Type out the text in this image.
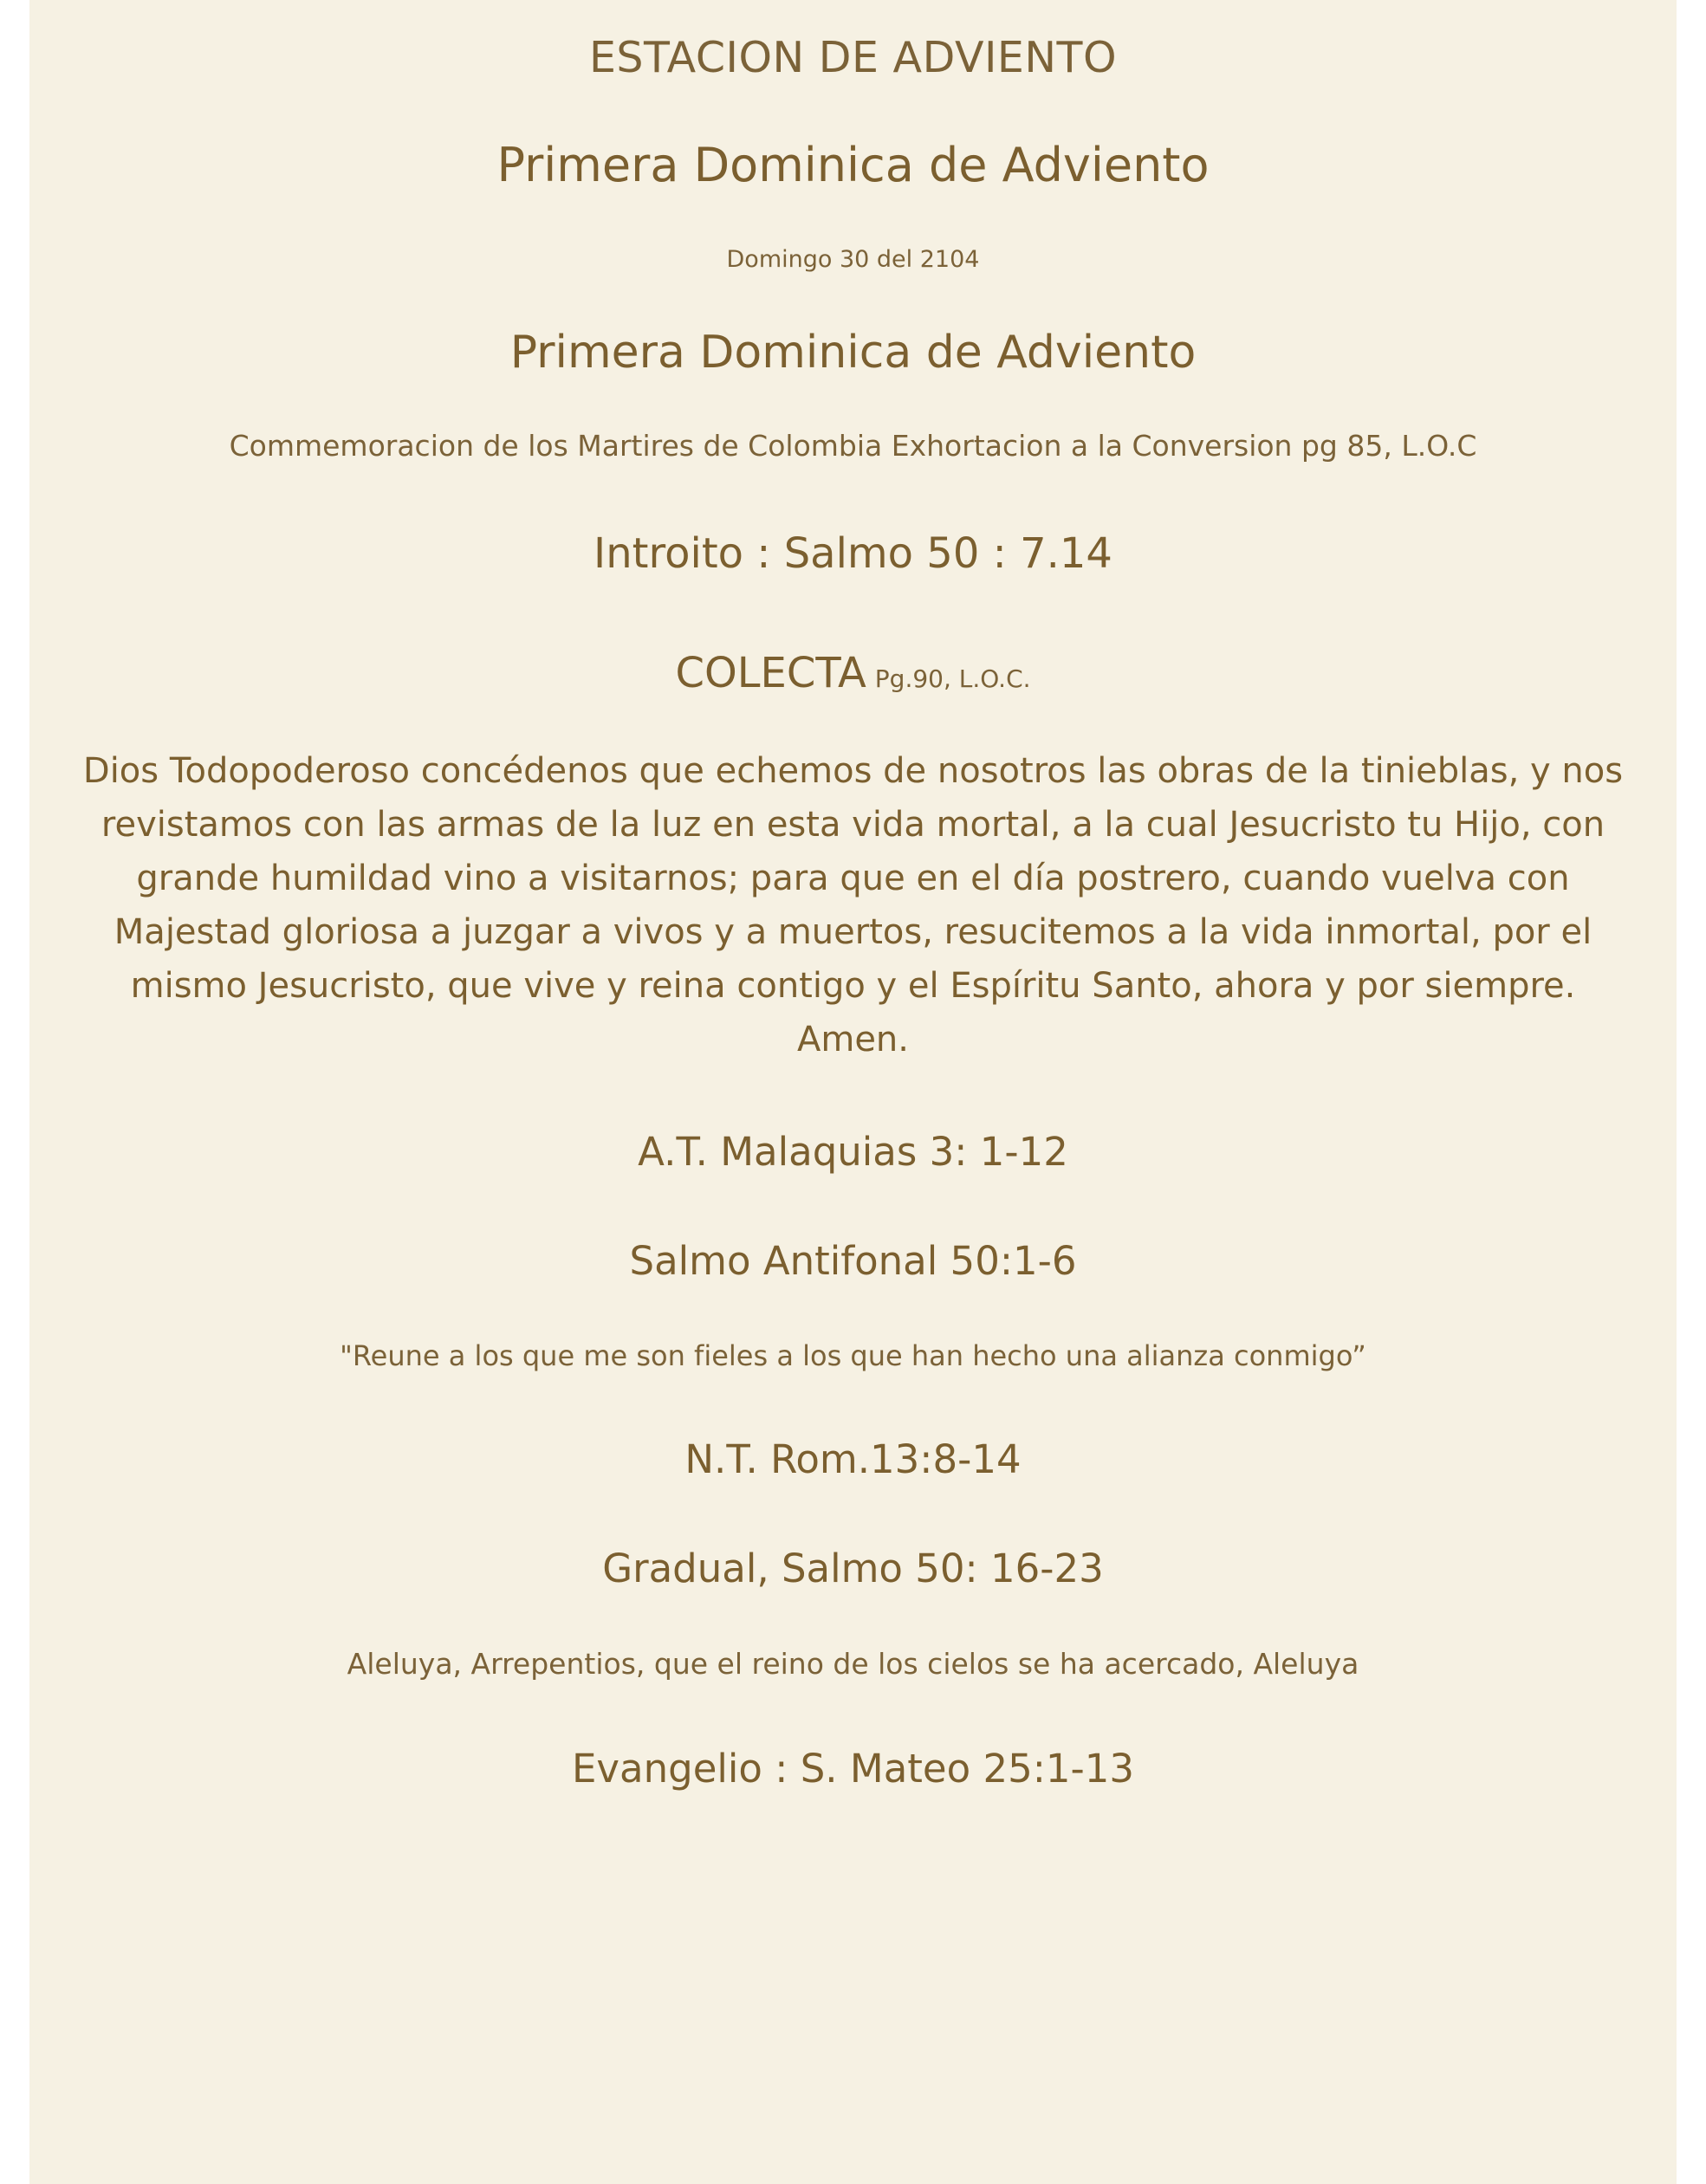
ESTACION DE ADVIENTO
Primera Dominica de Adviento

Domingo 30 del 2104

Primera Dominica de Adviento

Commemoracion de los Martires de Colombia Exhortacion a la Conversion pg 85, L.O.C

Introito : Salmo 50 : 7.14
COLECTA Pg.90, L.O.C.

Dios Todopoderoso concédenos que echemos de nosotros las obras de la tinieblas, y nos revistamos con las armas de la luz en esta vida mortal, a la cual Jesucristo tu Hijo, con grande humildad vino a visitarnos; para que en el día postrero, cuando vuelva con Majestad gloriosa a juzgar a vivos y a muertos, resucitemos a la vida inmortal, por el mismo Jesucristo, que vive y reina contigo y el Espíritu Santo, ahora y por siempre. Amen.

A.T. Malaquias 3: 1-12
Salmo Antifonal 50:1-6

"Reune a los que me son fieles a los que han hecho una alianza conmigo”

N.T. Rom.13:8-14
Gradual, Salmo 50: 16-23

Aleluya, Arrepentios, que el reino de los cielos se ha acercado, Aleluya

Evangelio : S. Mateo 25:1-13
